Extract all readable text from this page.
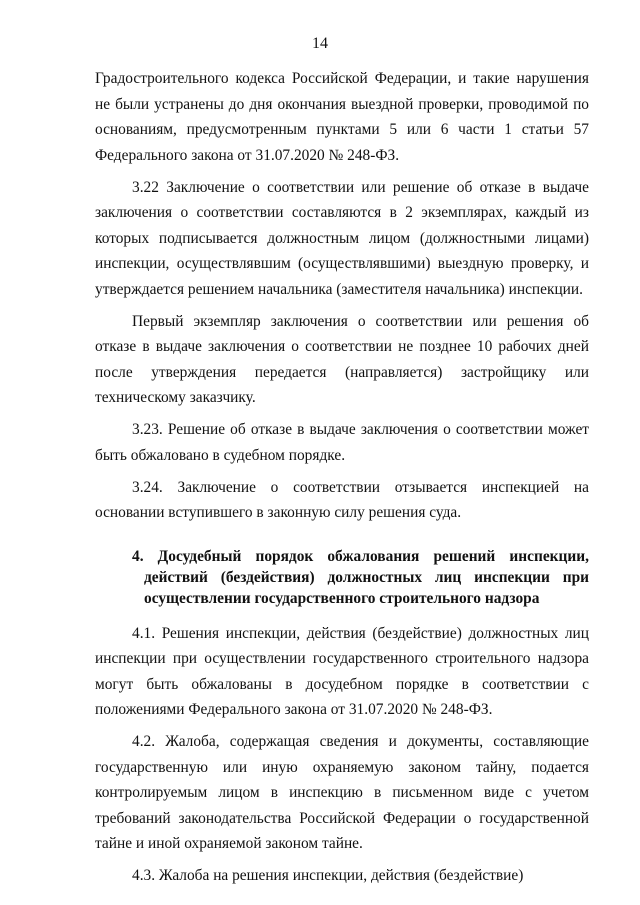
14

Градостроительного кодекса Российской Федерации, и такие нарушения не были устранены до дня окончания выездной проверки, проводимой по основаниям, предусмотренным пунктами 5 или 6 части 1 статьи 57 Федерального закона от 31.07.2020 № 248-ФЗ.

3.22 Заключение о соответствии или решение об отказе в выдаче заключения о соответствии составляются в 2 экземплярах, каждый из которых подписывается должностным лицом (должностными лицами) инспекции, осуществлявшим (осуществлявшими) выездную проверку, и утверждается решением начальника (заместителя начальника) инспекции.

Первый экземпляр заключения о соответствии или решения об отказе в выдаче заключения о соответствии не позднее 10 рабочих дней после утверждения передается (направляется) застройщику или техническому заказчику.

3.23. Решение об отказе в выдаче заключения о соответствии может быть обжаловано в судебном порядке.

3.24. Заключение о соответствии отзывается инспекцией на основании вступившего в законную силу решения суда.

4. Досудебный порядок обжалования решений инспекции, действий (бездействия) должностных лиц инспекции при осуществлении государственного строительного надзора

4.1. Решения инспекции, действия (бездействие) должностных лиц инспекции при осуществлении государственного строительного надзора могут быть обжалованы в досудебном порядке в соответствии с положениями Федерального закона от 31.07.2020 № 248-ФЗ.

4.2. Жалоба, содержащая сведения и документы, составляющие государственную или иную охраняемую законом тайну, подается контролируемым лицом в инспекцию в письменном виде с учетом требований законодательства Российской Федерации о государственной тайне и иной охраняемой законом тайне.

4.3. Жалоба на решения инспекции, действия (бездействие)
